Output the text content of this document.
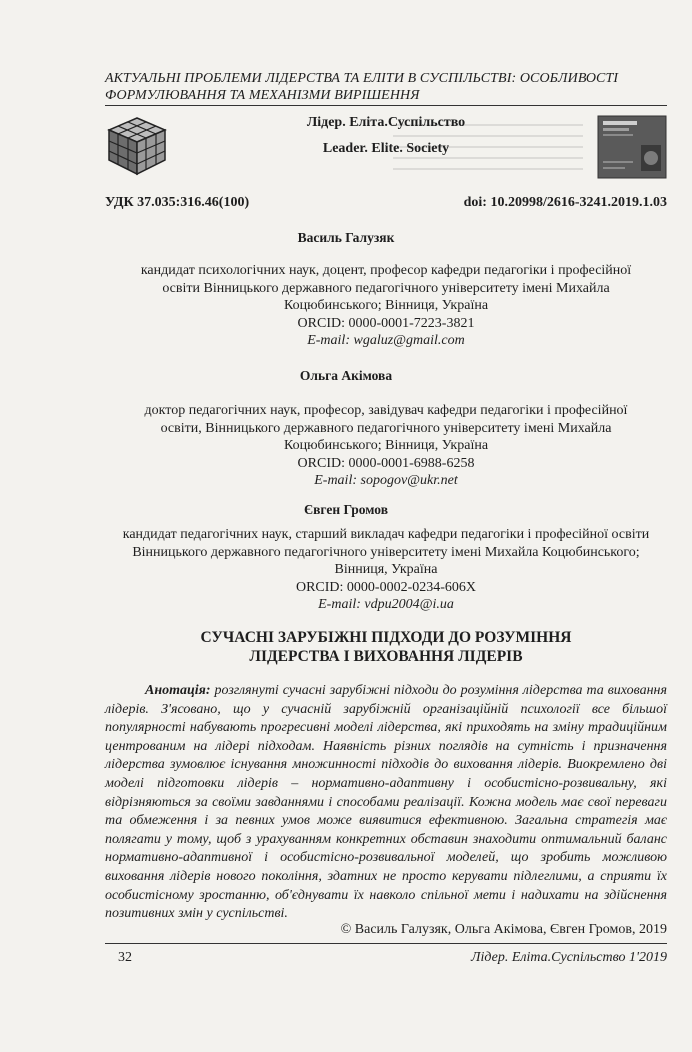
АКТУАЛЬНІ ПРОБЛЕМИ ЛІДЕРСТВА ТА ЕЛІТИ В СУСПІЛЬСТВІ: ОСОБЛИВОСТІ ФОРМУЛЮВАННЯ ТА МЕХАНІЗМИ ВИРІШЕННЯ
Лідер. Еліта.Суспільство
Leader. Elite. Society
УДК 37.035:316.46(100)	doi: 10.20998/2616-3241.2019.1.03
Василь Галузяк
кандидат психологічних наук, доцент, професор кафедри педагогіки і професійної
освіти Вінницького державного педагогічного університету імені Михайла
Коцюбинського; Вінниця, Україна
ORCID: 0000-0001-7223-3821
E-mail: wgaluz@gmail.com
Ольга Акімова
доктор педагогічних наук, професор, завідувач кафедри педагогіки і професійної
освіти, Вінницького державного педагогічного університету імені Михайла
Коцюбинського; Вінниця, Україна
ORCID: 0000-0001-6988-6258
E-mail: sopogov@ukr.net
Євген Громов
кандидат педагогічних наук, старший викладач кафедри педагогіки і професійної освіти
Вінницького державного педагогічного університету імені Михайла Коцюбинського;
Вінниця, Україна
ORCID: 0000-0002-0234-606X
E-mail: vdpu2004@i.ua
СУЧАСНІ ЗАРУБІЖНІ ПІДХОДИ ДО РОЗУМІННЯ
ЛІДЕРСТВА І ВИХОВАННЯ ЛІДЕРІВ
Анотація: розглянуті сучасні зарубіжні підходи до розуміння лідерства та виховання лідерів. З'ясовано, що у сучасній зарубіжній організаційній психології все більшої популярності набувають прогресивні моделі лідерства, які приходять на зміну традиційним центрованим на лідері підходам. Наявність різних поглядів на сутність і призначення лідерства зумовлює існування множинності підходів до виховання лідерів. Виокремлено дві моделі підготовки лідерів – нормативно-адаптивну і особистісно-розвивальну, які відрізняються за своїми завданнями і способами реалізації. Кожна модель має свої переваги та обмеження і за певних умов може виявитися ефективною. Загальна стратегія має полягати у тому, щоб з урахуванням конкретних обставин знаходити оптимальний баланс нормативно-адаптивної і особистісно-розвивальної моделей, що зробить можливою виховання лідерів нового покоління, здатних не просто керувати підлеглими, а сприяти їх особистісному зростанню, об'єднувати їх навколо спільної мети і надихати на здійснення позитивних змін у суспільстві.
© Василь Галузяк, Ольга Акімова, Євген Громов, 2019
32	Лідер. Еліта.Суспільство 1'2019
